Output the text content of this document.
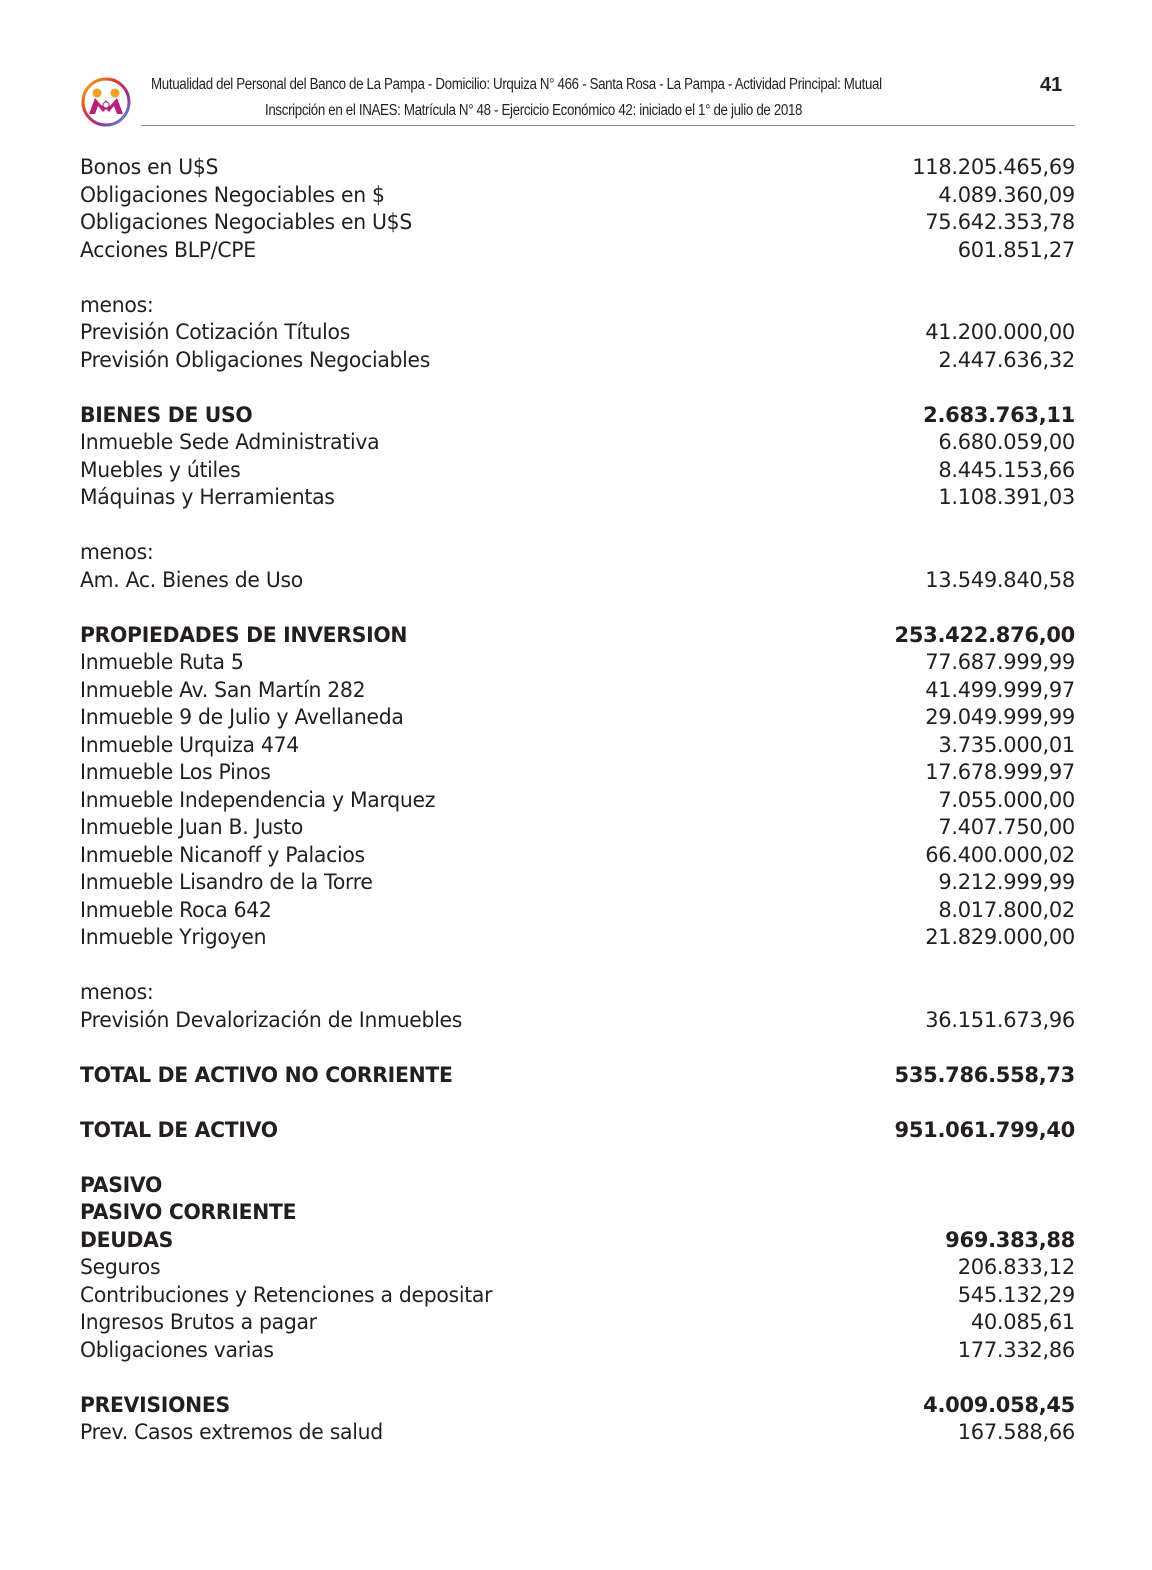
Mutualidad del Personal del Banco de La Pampa - Domicilio: Urquiza N° 466 - Santa Rosa - La Pampa - Actividad Principal: Mutual
Inscripción en el INAES: Matrícula N° 48 - Ejercicio Económico 42: iniciado el 1° de julio de 2018
41
Bonos en U$S	118.205.465,69
Obligaciones Negociables en $	4.089.360,09
Obligaciones Negociables en U$S	75.642.353,78
Acciones BLP/CPE	601.851,27
menos:
Previsión Cotización Títulos	41.200.000,00
Previsión Obligaciones Negociables	2.447.636,32
BIENES DE USO	2.683.763,11
Inmueble Sede Administrativa	6.680.059,00
Muebles y útiles	8.445.153,66
Máquinas y Herramientas	1.108.391,03
menos:
Am. Ac. Bienes de Uso	13.549.840,58
PROPIEDADES DE INVERSION	253.422.876,00
Inmueble Ruta 5	77.687.999,99
Inmueble Av. San Martín 282	41.499.999,97
Inmueble 9 de Julio y Avellaneda	29.049.999,99
Inmueble Urquiza 474	3.735.000,01
Inmueble Los Pinos	17.678.999,97
Inmueble Independencia y Marquez	7.055.000,00
Inmueble Juan B. Justo	7.407.750,00
Inmueble Nicanoff y Palacios	66.400.000,02
Inmueble Lisandro de la Torre	9.212.999,99
Inmueble Roca 642	8.017.800,02
Inmueble Yrigoyen	21.829.000,00
menos:
Previsión Devalorización de Inmuebles	36.151.673,96
TOTAL DE ACTIVO NO CORRIENTE	535.786.558,73
TOTAL DE ACTIVO	951.061.799,40
PASIVO
PASIVO CORRIENTE
DEUDAS	969.383,88
Seguros	206.833,12
Contribuciones y Retenciones a depositar	545.132,29
Ingresos Brutos a pagar	40.085,61
Obligaciones varias	177.332,86
PREVISIONES	4.009.058,45
Prev. Casos extremos de salud	167.588,66
